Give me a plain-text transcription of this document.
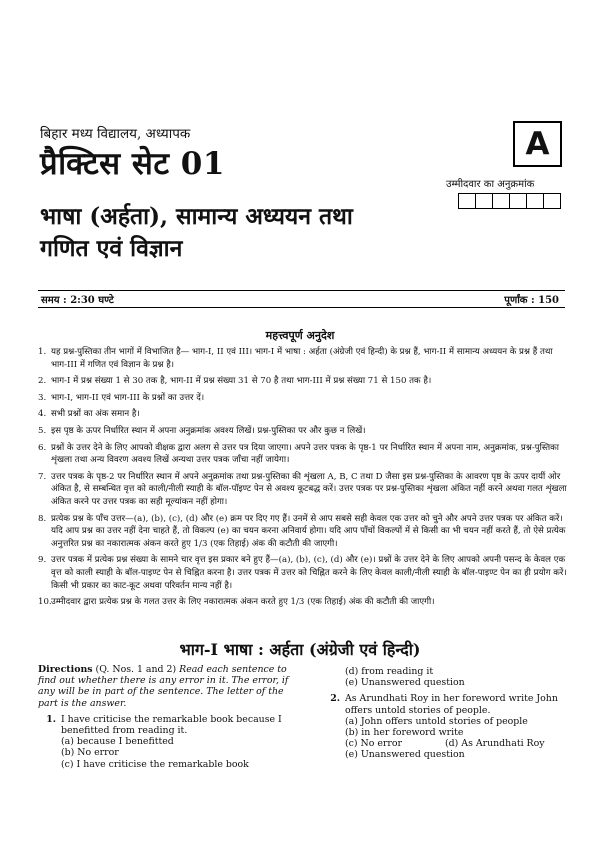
बिहार मध्य विद्यालय, अध्यापक
प्रैक्टिस सेट 01
भाषा (अर्हता), सामान्य अध्ययन तथा
गणित एवं विज्ञान
A
उम्मीदवार का अनुक्रमांक
समय : 2:30 घण्टे	पूर्णांक : 150
महत्त्वपूर्ण अनुदेश
1. यह प्रश्न-पुस्तिका तीन भागों में विभाजित है— भाग-I, II एवं III। भाग-I में भाषा : अर्हता (अंग्रेजी एवं हिन्दी) के प्रश्न हैं, भाग-II में सामान्य अध्ययन के प्रश्न हैं तथा भाग-III में गणित एवं विज्ञान के प्रश्न है।
2. भाग-I में प्रश्न संख्या 1 से 30 तक है, भाग-II में प्रश्न संख्या 31 से 70 है तथा भाग-III में प्रश्न संख्या 71 से 150 तक है।
3. भाग-I, भाग-II एवं भाग-III के प्रश्नों का उत्तर दें।
4. सभी प्रश्नों का अंक समान है।
5. इस पृष्ठ के ऊपर निर्धारित स्थान में अपना अनुक्रमांक अवश्य लिखें। प्रश्न-पुस्तिका पर और कुछ न लिखें।
6. प्रश्नों के उत्तर देने के लिए आपको वीक्षक द्वारा अलग से उत्तर पत्र दिया जाएगा। अपने उत्तर पत्रक के पृष्ठ-1 पर निर्धारित स्थान में अपना नाम, अनुक्रमांक, प्रश्न-पुस्तिका शृंखला तथा अन्य विवरण अवश्य लिखें अन्यथा उत्तर पत्रक जाँचा नहीं जायेगा।
7. उत्तर पत्रक के पृष्ठ-2 पर निर्धारित स्थान में अपने अनुक्रमांक तथा प्रश्न-पुस्तिका की शृंखला A, B, C तथा D जैसा इस प्रश्न-पुस्तिका के आवरण पृष्ठ के ऊपर दायीं ओर अंकित है, से सम्बन्धित वृत्त को काली/नीली स्याही के बॉल-पॉइण्ट पेन से अवश्य कूटबद्ध करें। उत्तर पत्रक पर प्रश्न-पुस्तिका शृंखला अंकित नहीं करने अथवा गलत शृंखला अंकित करने पर उत्तर पत्रक का सही मूल्यांकन नहीं होगा।
8. प्रत्येक प्रश्न के पाँच उत्तर—(a), (b), (c), (d) और (e) क्रम पर दिए गए हैं। उनमें से आप सबसे सही केवल एक उत्तर को चुने और अपने उत्तर पत्रक पर अंकित करें। यदि आप प्रश्न का उत्तर नहीं देना चाहते हैं, तो विकल्प (e) का चयन करना अनिवार्य होगा। यदि आप पाँचों विकल्पों में से किसी का भी चयन नहीं करते हैं, तो ऐसे प्रत्येक अनुत्तरित प्रश्न का नकारात्मक अंकन करते हुए 1/3 (एक तिहाई) अंक की कटौती की जाएगी।
9. उत्तर पत्रक में प्रत्येक प्रश्न संख्या के सामने चार वृत्त इस प्रकार बने हुए हैं—(a), (b), (c), (d) और (e)। प्रश्नों के उत्तर देने के लिए आपको अपनी पसन्द के केवल एक वृत्त को काली स्याही के बॉल-पाइण्ट पेन से चिह्नित करना है। उत्तर पत्रक में उत्तर को चिह्नित करने के लिए केवल काली/नीली स्याही के बॉल-पाइण्ट पेन का ही प्रयोग करें। किसी भी प्रकार का काट-कूट अथवा परिवर्तन मान्य नहीं है।
10. उम्मीदवार द्वारा प्रत्येक प्रश्न के गलत उत्तर के लिए नकारात्मक अंकन करते हुए 1/3 (एक तिहाई) अंक की कटौती की जाएगी।
भाग-I भाषा : अर्हता (अंग्रेजी एवं हिन्दी)
Directions (Q. Nos. 1 and 2) Read each sentence to find out whether there is any error in it. The error, if any will be in part of the sentence. The letter of the part is the answer.
1. I have criticise the remarkable book because I benefitted from reading it.
(a) because I benefitted
(b) No error
(c) I have criticise the remarkable book
(d) from reading it
(e) Unanswered question
2. As Arundhati Roy in her foreword write John offers untold stories of people.
(a) John offers untold stories of people
(b) in her foreword write
(c) No error	(d) As Arundhati Roy
(e) Unanswered question
